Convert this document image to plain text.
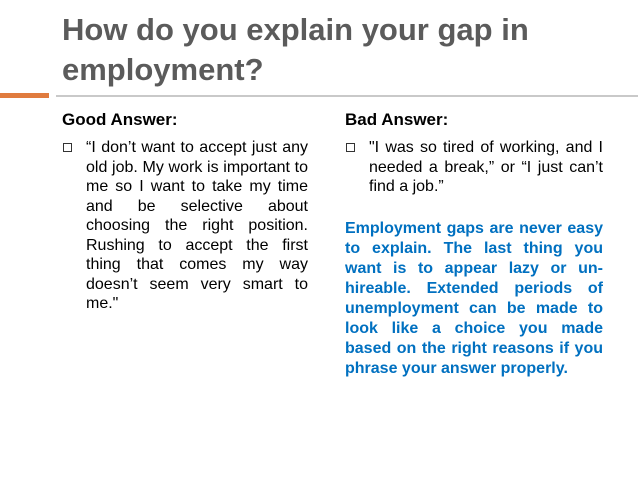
How do you explain your gap in employment?
Good Answer:
“I don’t want to accept just any old job. My work is important to me so I want to take my time and be selective about choosing the right position. Rushing to accept the first thing that comes my way doesn’t seem very smart to me."
Bad Answer:
"I was so tired of working, and I needed a break,” or “I just can’t find a job.”
Employment gaps are never easy to explain. The last thing you want is to appear lazy or un-hireable. Extended periods of unemployment can be made to look like a choice you made based on the right reasons if you phrase your answer properly.
